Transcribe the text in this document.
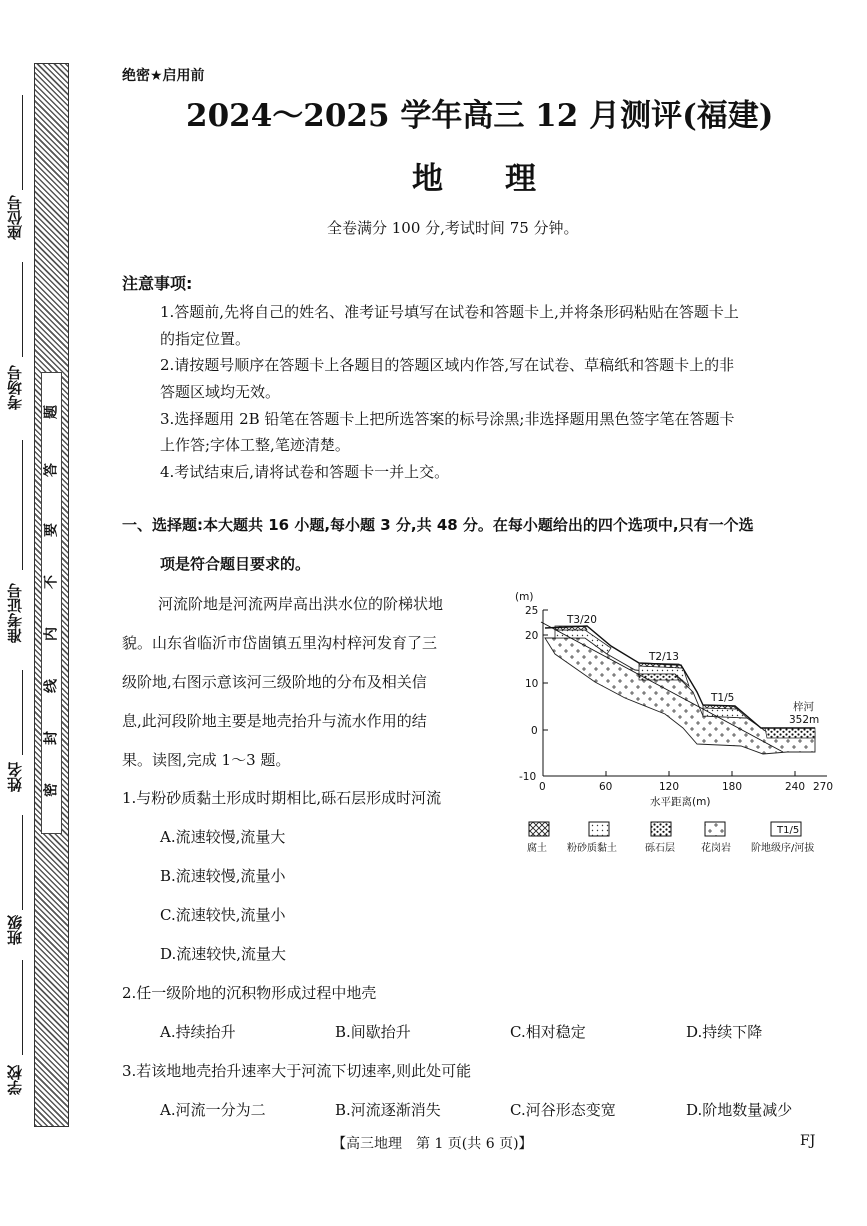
题
答
要
不
内
线
封
密
座位号
考场号
准考证号
姓名
班级
学校
绝密★启用前
2024～2025 学年高三 12 月测评(福建)
地　　理
全卷满分 100 分,考试时间 75 分钟。
注意事项:
1.答题前,先将自己的姓名、准考证号填写在试卷和答题卡上,并将条形码粘贴在答题卡上
的指定位置。
2.请按题号顺序在答题卡上各题目的答题区域内作答,写在试卷、草稿纸和答题卡上的非
答题区域均无效。
3.选择题用 2B 铅笔在答题卡上把所选答案的标号涂黑;非选择题用黑色签字笔在答题卡
上作答;字体工整,笔迹清楚。
4.考试结束后,请将试卷和答题卡一并上交。
一、选择题:本大题共 16 小题,每小题 3 分,共 48 分。在每小题给出的四个选项中,只有一个选
项是符合题目要求的。
河流阶地是河流两岸高出洪水位的阶梯状地
貌。山东省临沂市岱崮镇五里沟村梓河发育了三
级阶地,右图示意该河三级阶地的分布及相关信
息,此河段阶地主要是地壳抬升与流水作用的结
果。读图,完成 1～3 题。
1.与粉砂质黏土形成时期相比,砾石层形成时河流
A.流速较慢,流量大
B.流速较慢,流量小
C.流速较快,流量小
D.流速较快,流量大
2.任一级阶地的沉积物形成过程中地壳
A.持续抬升	B.间歇抬升	C.相对稳定	D.持续下降
3.若该地地壳抬升速率大于河流下切速率,则此处可能
A.河流一分为二	B.河流逐渐消失	C.河谷形态变宽	D.阶地数量减少
【高三地理　第 1 页(共 6 页)】	FJ
(m)
25
20
10
0
-10
0	60	120	180	240 270
水平距离(m)
T3/20
T2/13
T1/5
梓河
352m
T1/5
腐土 粉砂质黏土	砾石层	花岗岩 阶地级序/河拔
